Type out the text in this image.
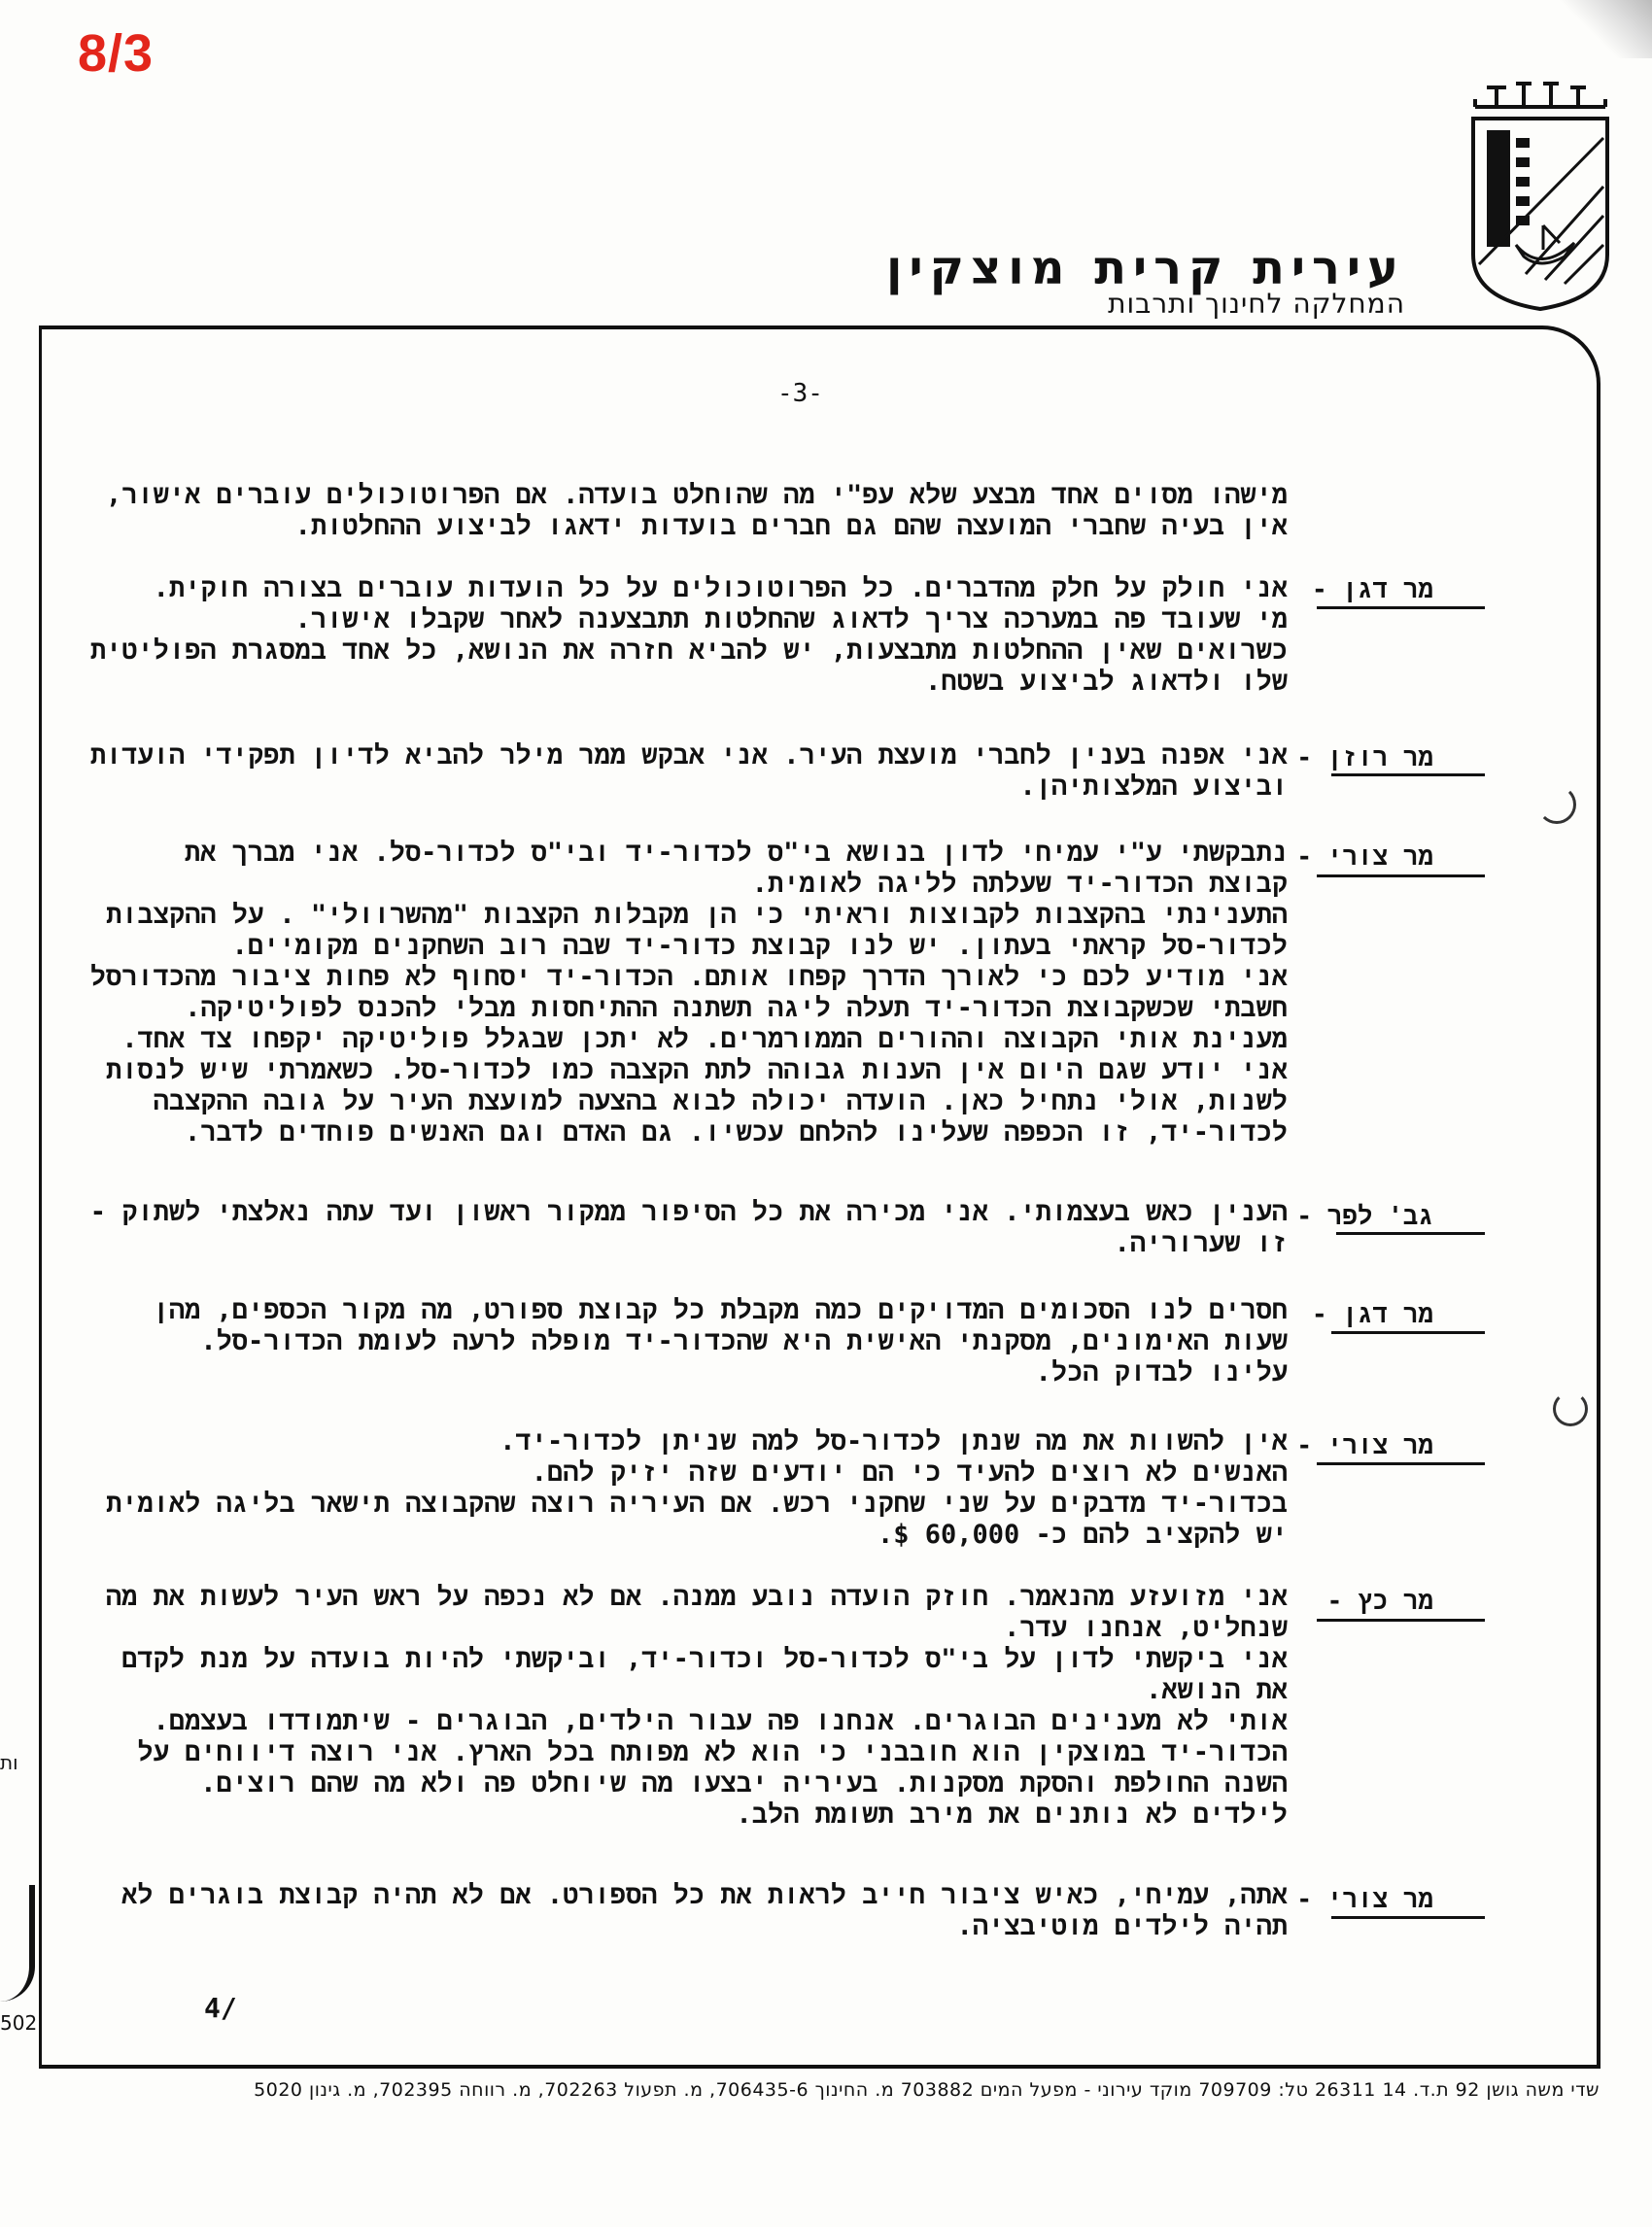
8/3
עירית קרית מוצקין
המחלקה לחינוך ותרבות
-3-
מישהו מסוים אחד מבצע שלא עפ"י מה שהוחלט בועדה. אם הפרוטוכולים עוברים אישור,
אין בעיה שחברי המועצה שהם גם חברים בועדות ידאגו לביצוע ההחלטות.
מר דגן -
אני חולק על חלק מהדברים. כל הפרוטוכולים על כל הועדות עוברים בצורה חוקית.
מי שעובד פה במערכה צריך לדאוג שהחלטות תתבצענה לאחר שקבלו אישור.
כשרואים שאין ההחלטות מתבצעות, יש להביא חזרה את הנושא, כל אחד במסגרת הפוליטית
שלו ולדאוג לביצוע בשטח.
מר רוזן -
אני אפנה בענין לחברי מועצת העיר. אני אבקש ממר מילר להביא לדיון תפקידי הועדות
וביצוע המלצותיהן.
מר צורי -
נתבקשתי ע"י עמיחי לדון בנושא בי"ס לכדור-יד ובי"ס לכדור-סל. אני מברך את
קבוצת הכדור-יד שעלתה לליגה לאומית.
התענינתי בהקצבות לקבוצות וראיתי כי הן מקבלות הקצבות "מהשרוולי" . על ההקצבות
לכדור-סל קראתי בעתון. יש לנו קבוצת כדור-יד שבה רוב השחקנים מקומיים.
אני מודיע לכם כי לאורך הדרך קפחו אותם. הכדור-יד יסחוף לא פחות ציבור מהכדורסל
חשבתי שכשקבוצת הכדור-יד תעלה ליגה תשתנה ההתיחסות מבלי להכנס לפוליטיקה.
מענינת אותי הקבוצה וההורים הממורמרים. לא יתכן שבגלל פוליטיקה יקפחו צד אחד.
אני יודע שגם היום אין הענות גבוהה לתת הקצבה כמו לכדור-סל. כשאמרתי שיש לנסות
לשנות, אולי נתחיל כאן. הועדה יכולה לבוא בהצעה למועצת העיר על גובה ההקצבה
לכדור-יד, זו הכפפה שעלינו להלחם עכשיו. גם האדם וגם האנשים פוחדים לדבר.
גב' לפר -
הענין כאש בעצמותי. אני מכירה את כל הסיפור ממקור ראשון ועד עתה נאלצתי לשתוק -
זו שערוריה.
מר דגן -
חסרים לנו הסכומים המדויקים כמה מקבלת כל קבוצת ספורט, מה מקור הכספים, מהן
שעות האימונים, מסקנתי האישית היא שהכדור-יד מופלה לרעה לעומת הכדור-סל.
עלינו לבדוק הכל.
מר צורי -
אין להשוות את מה שנתן לכדור-סל למה שניתן לכדור-יד.
האנשים לא רוצים להעיד כי הם יודעים שזה יזיק להם.
בכדור-יד מדבקים על שני שחקני רכש. אם העיריה רוצה שהקבוצה תישאר בליגה לאומית
יש להקציב להם כ- 60,000 $.
מר כץ -
אני מזועזע מהנאמר. חוזק הועדה נובע ממנה. אם לא נכפה על ראש העיר לעשות את מה
שנחליט, אנחנו עדר.
אני ביקשתי לדון על בי"ס לכדור-סל וכדור-יד, וביקשתי להיות בועדה על מנת לקדם
את הנושא.
אותי לא מענינים הבוגרים. אנחנו פה עבור הילדים, הבוגרים - שיתמודדו בעצמם.
הכדור-יד במוצקין הוא חובבני כי הוא לא מפותח בכל הארץ. אני רוצה דיווחים על
השנה החולפת והסקת מסקנות. בעיריה יבצעו מה שיוחלט פה ולא מה שהם רוצים.
לילדים לא נותנים את מירב תשומת הלב.
מר צורי -
אתה, עמיחי, כאיש ציבור חייב לראות את כל הספורט. אם לא תהיה קבוצת בוגרים לא
תהיה לילדים מוטיבציה.
4/
ות
502
שדי משה גושן 92 ת.ד. 14 26311 טל: 709709 מוקד עירוני - מפעל המים 703882 מ. החינוך 706435-6, מ. תפעול 702263, מ. רווחה 702395, מ. גינון 5020
